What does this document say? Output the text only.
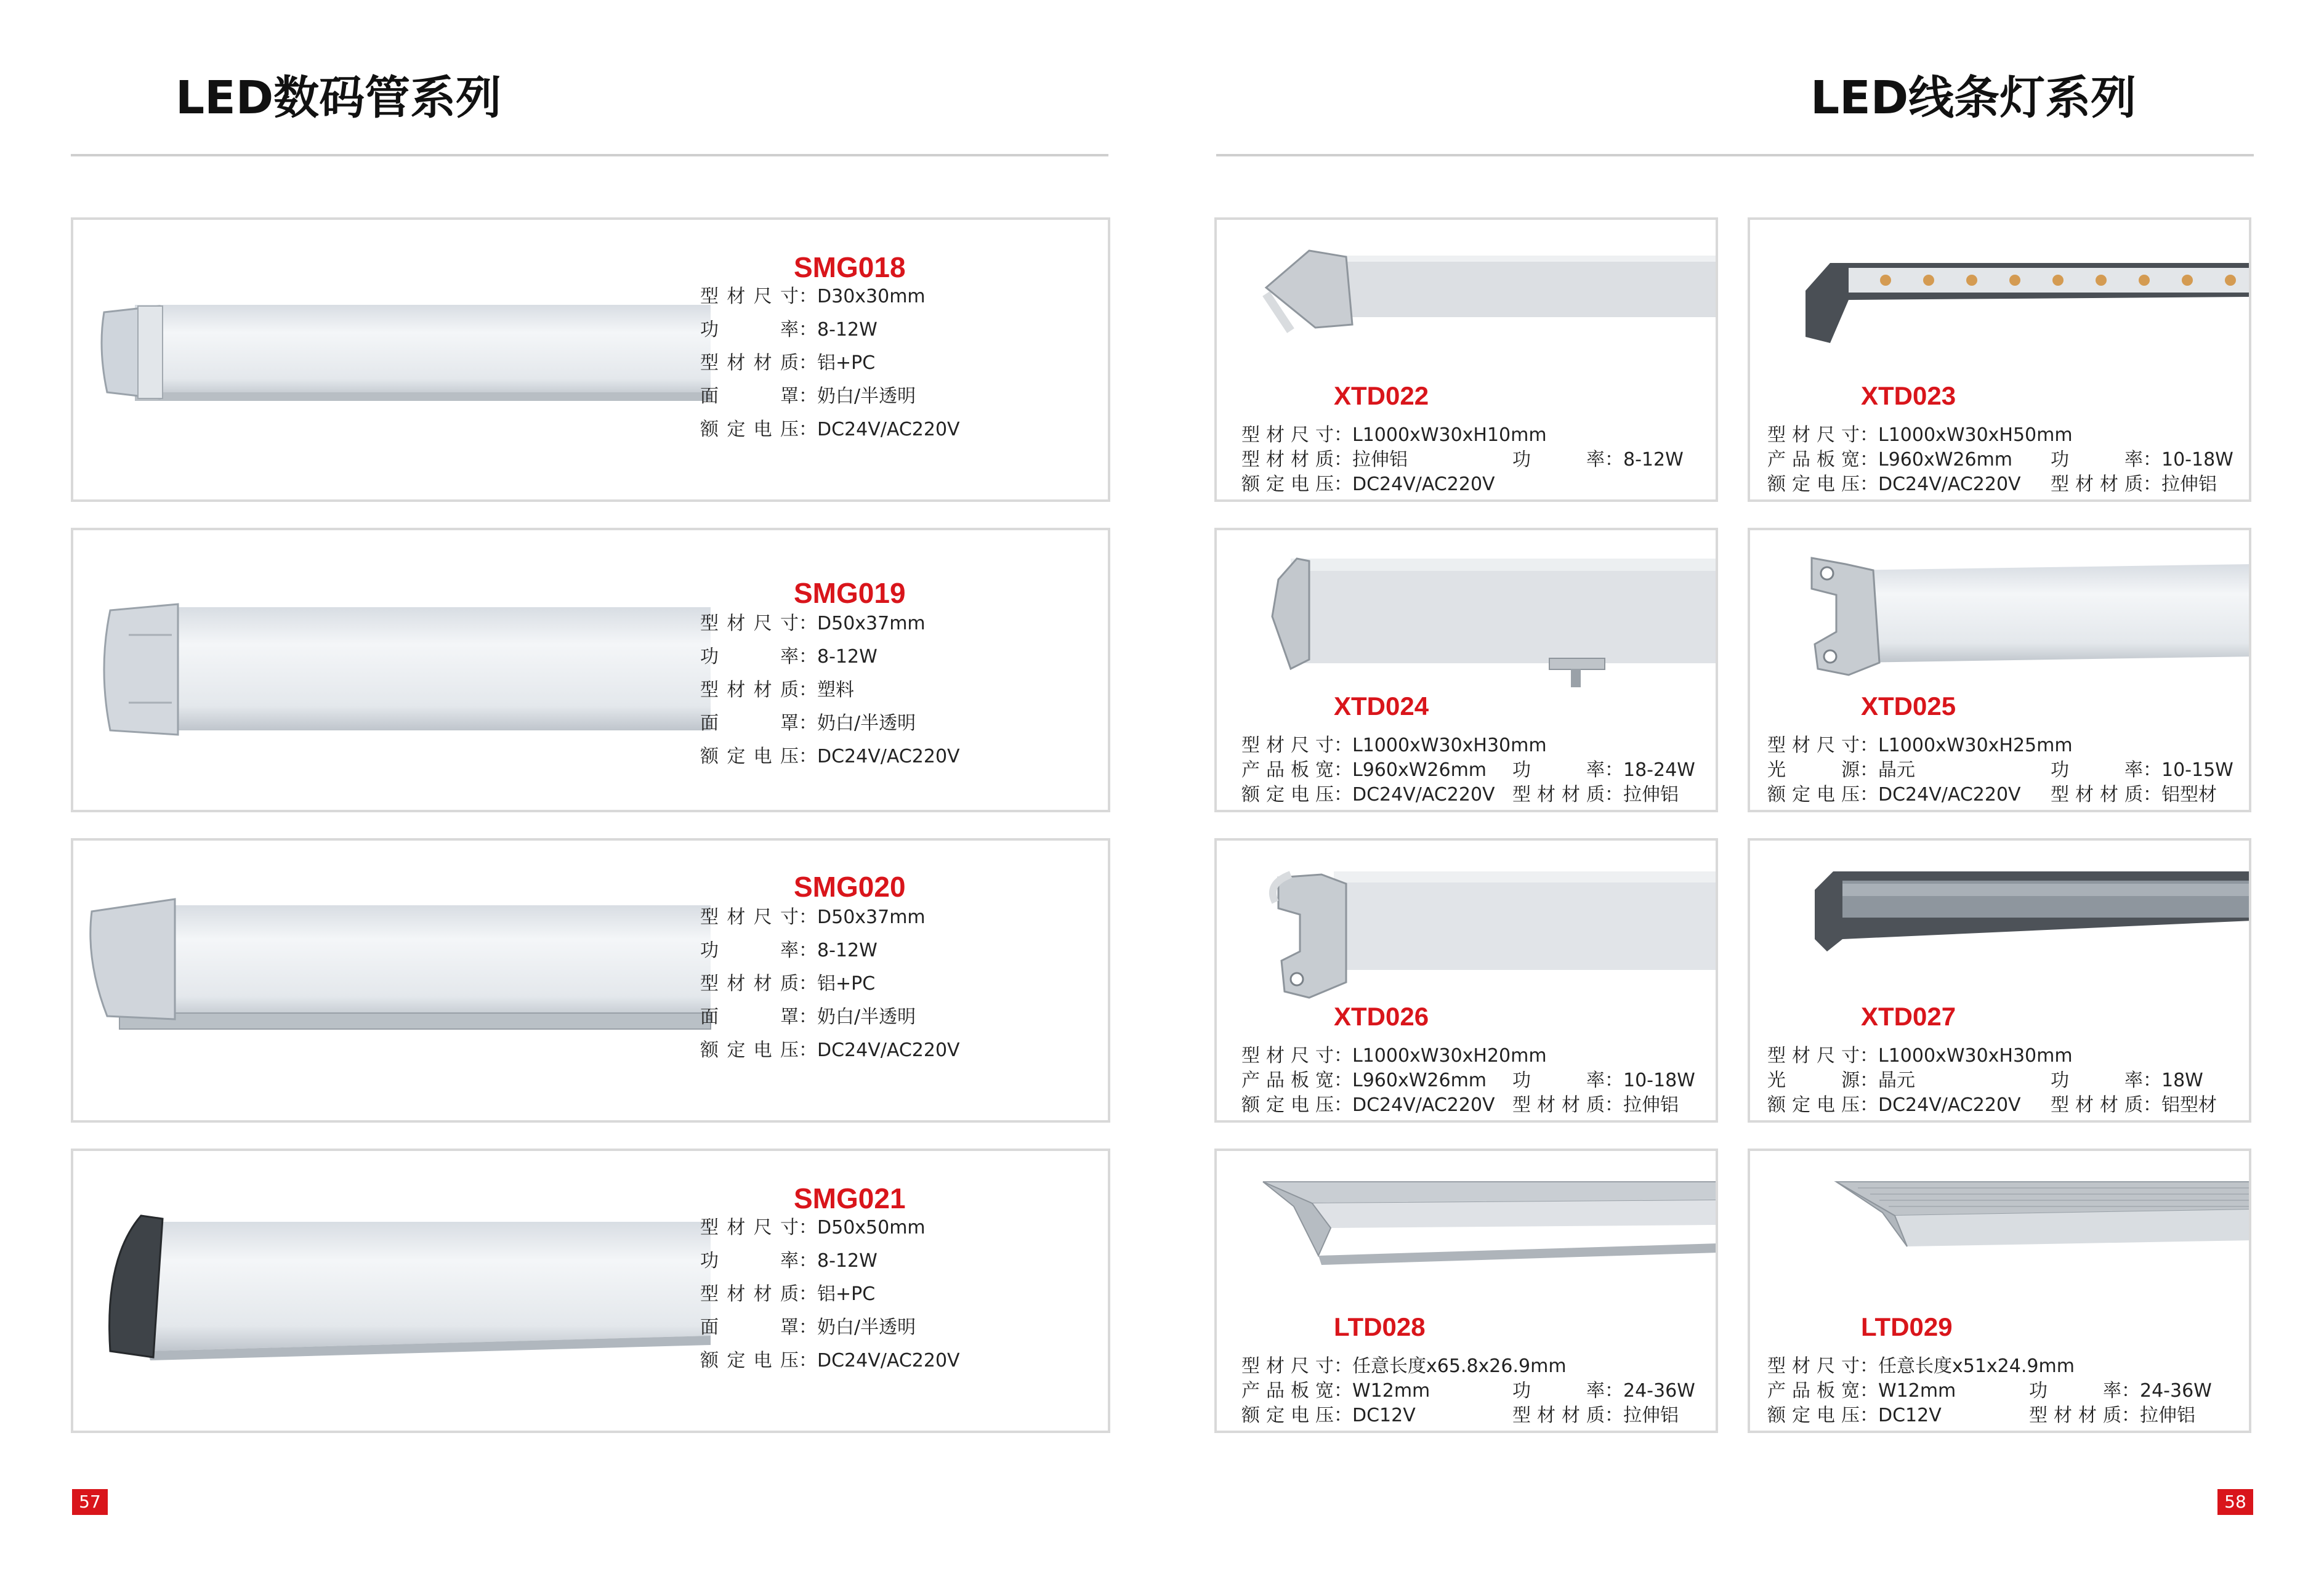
LED数码管系列	LED线条灯系列
SMG018
型材尺寸：D30x30mm
功率：8-12W
型材材质：铝+PC
面罩：奶白/半透明
额定电压：DC24V/AC220V
SMG019
型材尺寸：D50x37mm
功率：8-12W
型材材质：塑料
面罩：奶白/半透明
额定电压：DC24V/AC220V
SMG020
型材尺寸：D50x37mm
功率：8-12W
型材材质：铝+PC
面罩：奶白/半透明
额定电压：DC24V/AC220V
SMG021
型材尺寸：D50x50mm
功率：8-12W
型材材质：铝+PC
面罩：奶白/半透明
额定电压：DC24V/AC220V
XTD022
型材尺寸：L1000xW30xH10mm
型材材质：拉伸铝	功率：8-12W
额定电压：DC24V/AC220V
XTD023
型材尺寸：L1000xW30xH50mm
产品板宽：L960xW26mm 功率：10-18W
额定电压：DC24V/AC220V 型材材质：拉伸铝
XTD024
型材尺寸：L1000xW30xH30mm
产品板宽：L960xW26mm 功率：18-24W
额定电压：DC24V/AC220V 型材材质：拉伸铝
XTD025
型材尺寸：L1000xW30xH25mm
光源：晶元	功率：10-15W
额定电压：DC24V/AC220V 型材材质：铝型材
XTD026
型材尺寸：L1000xW30xH20mm
产品板宽：L960xW26mm 功率：10-18W
额定电压：DC24V/AC220V 型材材质：拉伸铝
XTD027
型材尺寸：L1000xW30xH30mm
光源：晶元	功率：18W
额定电压：DC24V/AC220V 型材材质：铝型材
LTD028
型材尺寸：任意长度x65.8x26.9mm
产品板宽：W12mm	功率：24-36W
额定电压：DC12V	型材材质：拉伸铝
LTD029
型材尺寸：任意长度x51x24.9mm
产品板宽：W12mm	功率：24-36W
额定电压：DC12V	型材材质：拉伸铝
57	58
